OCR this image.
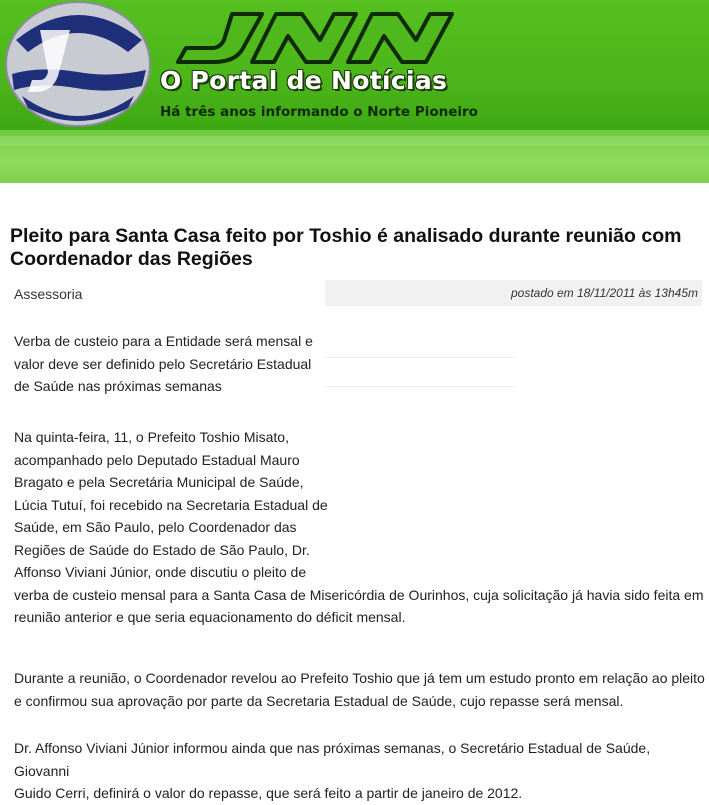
O Portal de Notícias
Há três anos informando o Norte Pioneiro
Pleito para Santa Casa feito por Toshio é analisado durante reunião com Coordenador das Regiões
Assessoria	postado em 18/11/2011 às 13h45m
Verba de custeio para a Entidade será mensal e
valor deve ser definido pelo Secretário Estadual
de Saúde nas próximas semanas
Na quinta-feira, 11, o Prefeito Toshio Misato,
acompanhado pelo Deputado Estadual Mauro
Bragato e pela Secretária Municipal de Saúde,
Lúcia Tutuí, foi recebido na Secretaria Estadual de
Saúde, em São Paulo, pelo Coordenador das
Regiões de Saúde do Estado de São Paulo, Dr.
Affonso Viviani Júnior, onde discutiu o pleito de
verba de custeio mensal para a Santa Casa de Misericórdia de Ourinhos, cuja solicitação já havia sido feita em
reunião anterior e que seria equacionamento do déficit mensal.
Durante a reunião, o Coordenador revelou ao Prefeito Toshio que já tem um estudo pronto em relação ao pleito
e confirmou sua aprovação por parte da Secretaria Estadual de Saúde, cujo repasse será mensal.
Dr. Affonso Viviani Júnior informou ainda que nas próximas semanas, o Secretário Estadual de Saúde, Giovanni
Guido Cerri, definirá o valor do repasse, que será feito a partir de janeiro de 2012.
